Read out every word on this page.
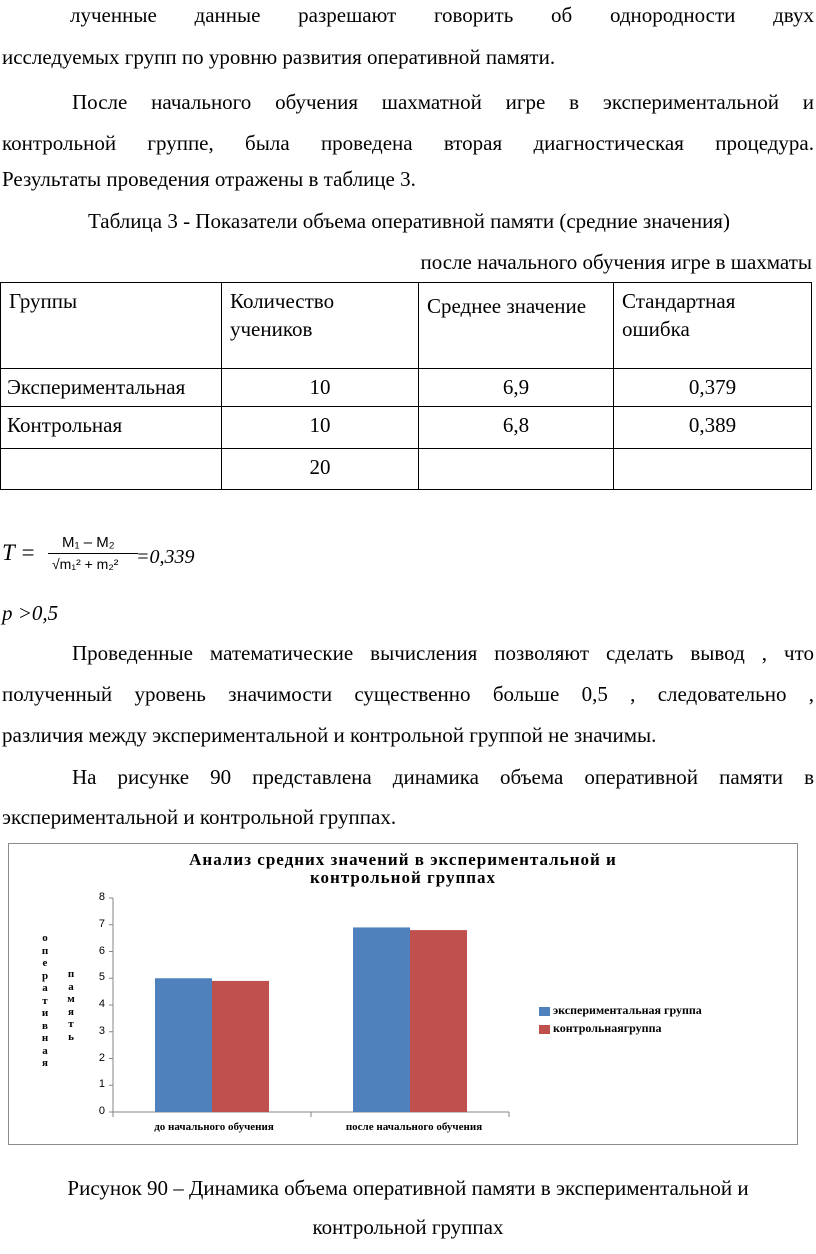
лученные данные разрешают говорить об однородности двух
исследуемых групп по уровню развития оперативной памяти.
После начального обучения шахматной игре в экспериментальной и
контрольной группе, была проведена вторая диагностическая процедура.
Результаты проведения отражены в таблице 3.
Таблица 3 - Показатели объема оперативной памяти (средние значения)
после начального обучения игре в шахматы
Группы	Количество учеников	Среднее значение	Стандартная ошибка
Экспериментальная	10	6,9	0,379
Контрольная	10	6,8	0,389
	20		
T = M₁ – M₂
√m₁² + m₂² =0,339
p >0,5
Проведенные математические вычисления позволяют сделать вывод , что
полученный уровень значимости существенно больше 0,5 , следовательно ,
различия между экспериментальной и контрольной группой не значимы.
На рисунке 90 представлена динамика объема оперативной памяти в
экспериментальной и контрольной группах.
Анализ средних значений в экспериментальной и
контрольной группах
о
п
е
р
а
т
и
в
н
а
я
п
а
м
я
т
ь
0
1
2
3
4
5
6
7
8
до начального обучения	после начального обучения
экспериментальная группа
контрольнаягруппа
Рисунок 90 – Динамика объема оперативной памяти в экспериментальной и
контрольной группах
